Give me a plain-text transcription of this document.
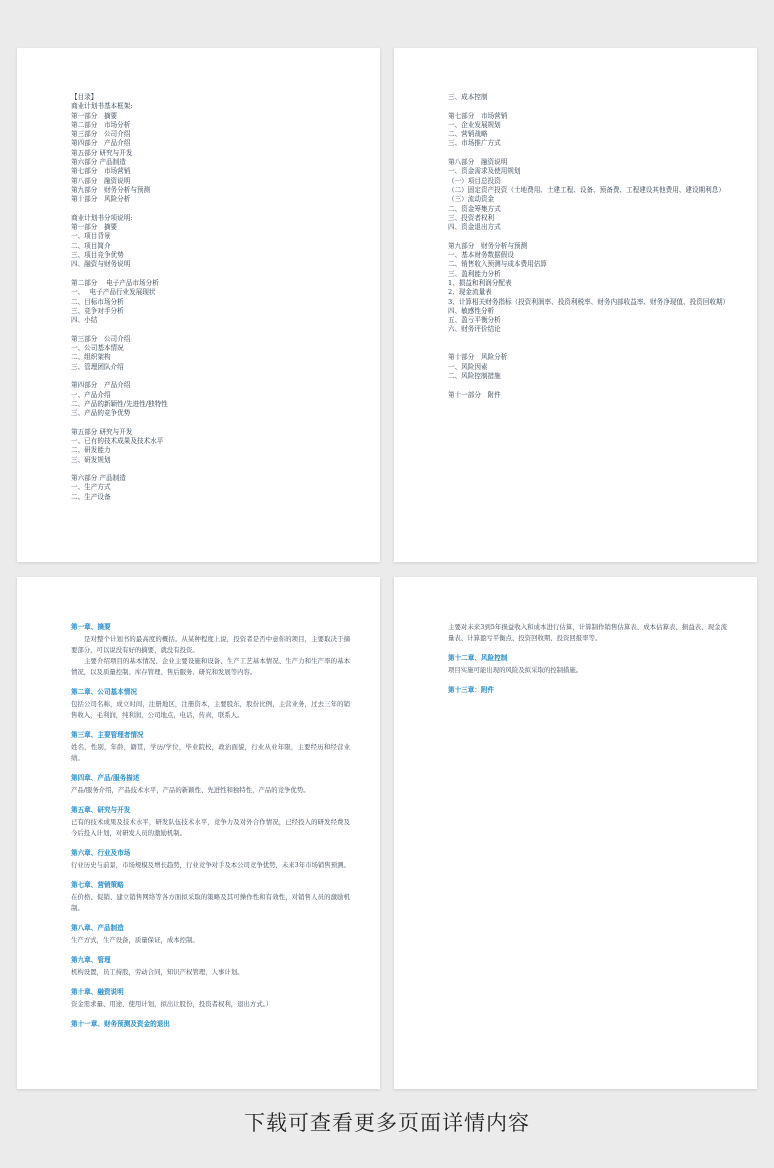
【目录】
商业计划书基本框架:
第一部分　摘要
第二部分　市场分析
第三部分　公司介绍
第四部分　产品介绍
第五部分 研究与开发
第六部分 产品制造
第七部分　市场营销
第八部分　融资说明
第九部分　财务分析与预测
第十部分　风险分析
商业计划书分项说明:
第一部分　摘要
一、项目背景
二、项目简介
三、项目竞争优势
四、融资与财务说明
第二部分　 电子产品市场分析
一、　 电子产品行业发展现状
二、目标市场分析
三、竞争对手分析
四、小结
第三部分　公司介绍
一、公司基本情况
二、组织架构
三、管理团队介绍
第四部分　产品介绍
一、产品介绍
二、产品的新颖性/先进性/独特性
三、产品的竞争优势
第五部分 研究与开发
一、已有的技术成果及技术水平
二、研发能力
三、研发规划
第六部分 产品制造
一、生产方式
二、生产设备
三、成本控制
第七部分　市场营销
一、企业发展规划
二、营销战略
三、市场推广方式
第八部分　融资说明
一、资金需求及使用规划
（一）项目总投资
（二）固定资产投资（土地费用、土建工程、设备、预备费、工程建设其他费用、建设期利息）
（三）流动资金
二、资金筹集方式
三、投资者权利
四、资金退出方式
第九部分　财务分析与预测
一、基本财务数据假设
二、销售收入预测与成本费用估算
三、盈利能力分析
1、损益和利润分配表
2、现金流量表
3、计算相关财务指标（投资利润率、投资利税率、财务内部收益率、财务净现值、投资回收期）
四、敏感性分析
五、盈亏平衡分析
六、财务评价结论
第十部分　风险分析
一、风险因素
二、风险控制措施
第十一部分　附件
第一章、摘要
是对整个计划书的最高度的概括。从某种程度上说，投资者是否中意你的项目，主要取决于摘要部分，可以说没有好的摘要，就没有投资。
主要介绍项目的基本情况、企业主要设施和设备、生产工艺基本情况、生产力和生产率的基本情况，以及质量控制、库存管理、售后服务、研究和发展等内容。
第二章、公司基本情况
包括公司名称，成立时间，注册地区，注册资本，主要股东，股份比例，主营业务，过去三年的销售收入，毛利润，纯利润，公司地点，电话，传真，联系人。
第三章、主要管理者情况
姓名，性别，年龄，籍贯，学历/学位，毕业院校，政治面貌，行业从业年限，主要经历和经营业绩。
第四章、产品/服务描述
产品/服务介绍，产品技术水平，产品的新颖性、先进性和独特性，产品的竞争优势。
第五章、研究与开发
已有的技术成果及技术水平，研发队伍技术水平，竞争力及对外合作情况，已经投入的研发经费及今后投入计划，对研发人员的激励机制。
第六章、行业及市场
行业历史与前景，市场规模及增长趋势，行业竞争对手及本公司竞争优势，未来3年市场销售预测。
第七章、营销策略
在价格、促销、建立销售网络等各方面拟采取的策略及其可操作性和有效性，对销售人员的激励机制。
第八章、产品制造
生产方式，生产设备，质量保证，成本控制。
第九章、管理
机构设置，员工持股，劳动合同，知识产权管理，人事计划。
第十章、融资说明
资金需求量、用途、使用计划，拟出让股份，投资者权利，退出方式。）
第十一章、财务预测及资金的退出
主要对未来3到5年损益收入和成本进行估算，计算制作销售估算表、成本估算表、损益表、现金流量表、计算盈亏平衡点、投资回收期、投资回报率等。
第十二章、风险控制
项目实施可能出现的风险及拟采取的控制措施。
第十三章：附件
下载可查看更多页面详情内容
